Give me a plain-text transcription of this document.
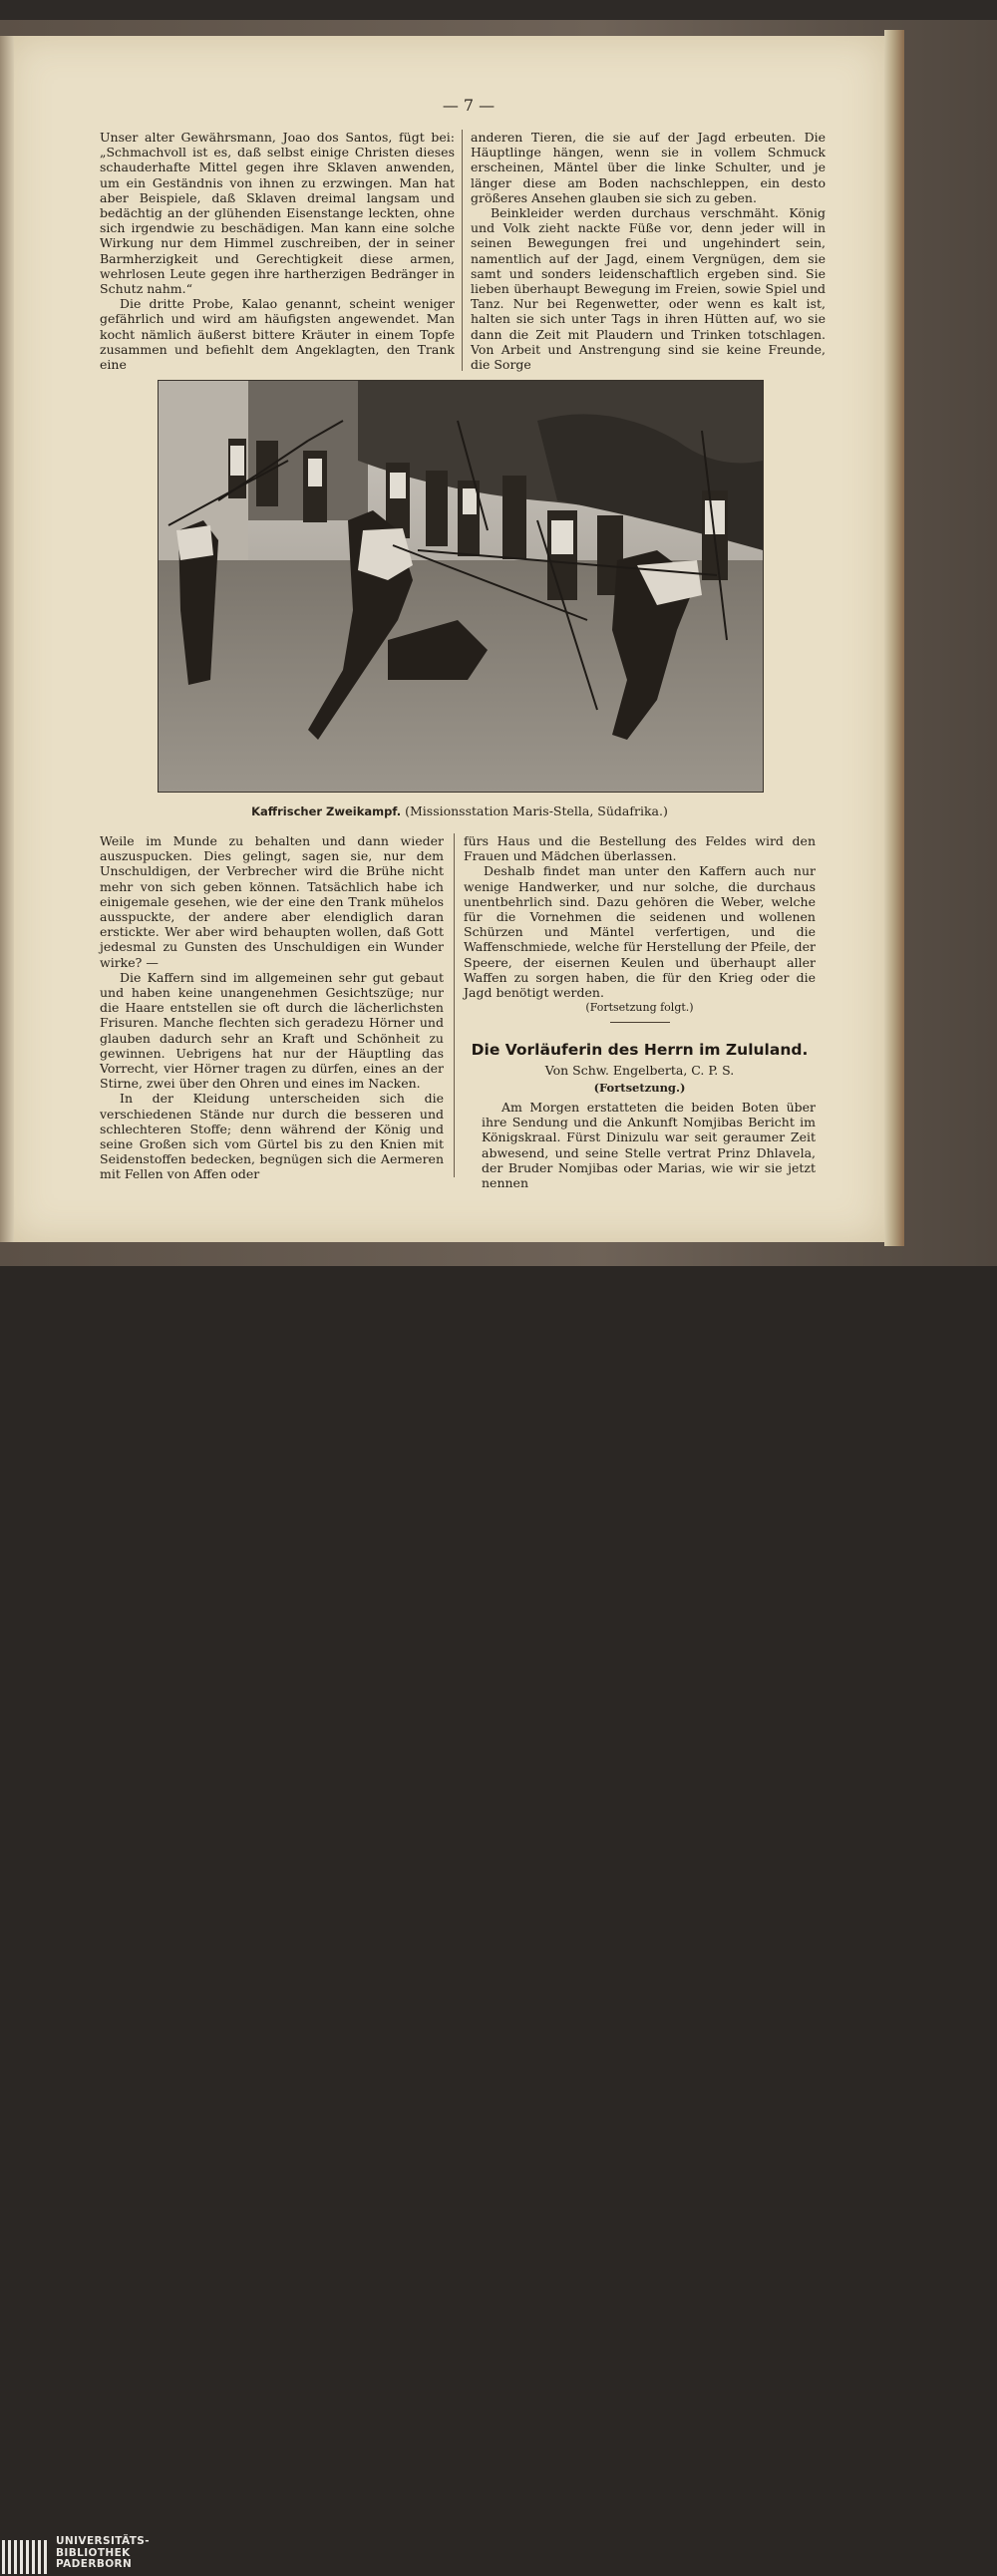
— 7 —

Unser alter Gewährsmann, Joao dos Santos, fügt bei: „Schmachvoll ist es, daß selbst einige Christen dieses schauderhafte Mittel gegen ihre Sklaven anwenden, um ein Geständnis von ihnen zu erzwingen. Man hat aber Beispiele, daß Sklaven dreimal langsam und bedächtig an der glühenden Eisenstange leckten, ohne sich irgendwie zu beschädigen. Man kann eine solche Wirkung nur dem Himmel zuschreiben, der in seiner Barmherzigkeit und Gerechtigkeit diese armen, wehrlosen Leute gegen ihre hartherzigen Bedränger in Schutz nahm.“

Die dritte Probe, Kalao genannt, scheint weniger gefährlich und wird am häufigsten angewendet. Man kocht nämlich äußerst bittere Kräuter in einem Topfe zusammen und befiehlt dem Angeklagten, den Trank eine

anderen Tieren, die sie auf der Jagd erbeuten. Die Häuptlinge hängen, wenn sie in vollem Schmuck erscheinen, Mäntel über die linke Schulter, und je länger diese am Boden nachschleppen, ein desto größeres Ansehen glauben sie sich zu geben.

Beinkleider werden durchaus verschmäht. König und Volk zieht nackte Füße vor, denn jeder will in seinen Bewegungen frei und ungehindert sein, namentlich auf der Jagd, einem Vergnügen, dem sie samt und sonders leidenschaftlich ergeben sind. Sie lieben überhaupt Bewegung im Freien, sowie Spiel und Tanz. Nur bei Regenwetter, oder wenn es kalt ist, halten sie sich unter Tags in ihren Hütten auf, wo sie dann die Zeit mit Plaudern und Trinken totschlagen. Von Arbeit und Anstrengung sind sie keine Freunde, die Sorge

Kaffrischer Zweikampf. (Missionsstation Maris-Stella, Südafrika.)

Weile im Munde zu behalten und dann wieder auszuspucken. Dies gelingt, sagen sie, nur dem Unschuldigen, der Verbrecher wird die Brühe nicht mehr von sich geben können. Tatsächlich habe ich einigemale gesehen, wie der eine den Trank mühelos ausspuckte, der andere aber elendiglich daran erstickte. Wer aber wird behaupten wollen, daß Gott jedesmal zu Gunsten des Unschuldigen ein Wunder wirke? —

Die Kaffern sind im allgemeinen sehr gut gebaut und haben keine unangenehmen Gesichtszüge; nur die Haare entstellen sie oft durch die lächerlichsten Frisuren. Manche flechten sich geradezu Hörner und glauben dadurch sehr an Kraft und Schönheit zu gewinnen. Uebrigens hat nur der Häuptling das Vorrecht, vier Hörner tragen zu dürfen, eines an der Stirne, zwei über den Ohren und eines im Nacken.

In der Kleidung unterscheiden sich die verschiedenen Stände nur durch die besseren und schlechteren Stoffe; denn während der König und seine Großen sich vom Gürtel bis zu den Knien mit Seidenstoffen bedecken, begnügen sich die Aermeren mit Fellen von Affen oder

fürs Haus und die Bestellung des Feldes wird den Frauen und Mädchen überlassen.

Deshalb findet man unter den Kaffern auch nur wenige Handwerker, und nur solche, die durchaus unentbehrlich sind. Dazu gehören die Weber, welche für die Vornehmen die seidenen und wollenen Schürzen und Mäntel verfertigen, und die Waffenschmiede, welche für Herstellung der Pfeile, der Speere, der eisernen Keulen und überhaupt aller Waffen zu sorgen haben, die für den Krieg oder die Jagd benötigt werden.

(Fortsetzung folgt.)

Die Vorläuferin des Herrn im Zululand.
Von Schw. Engelberta, C. P. S.
(Fortsetzung.)

Am Morgen erstatteten die beiden Boten über ihre Sendung und die Ankunft Nomjibas Bericht im Königskraal. Fürst Dinizulu war seit geraumer Zeit abwesend, und seine Stelle vertrat Prinz Dhlavela, der Bruder Nomjibas oder Marias, wie wir sie jetzt nennen

UNIVERSITÄTS-
BIBLIOTHEK
PADERBORN
